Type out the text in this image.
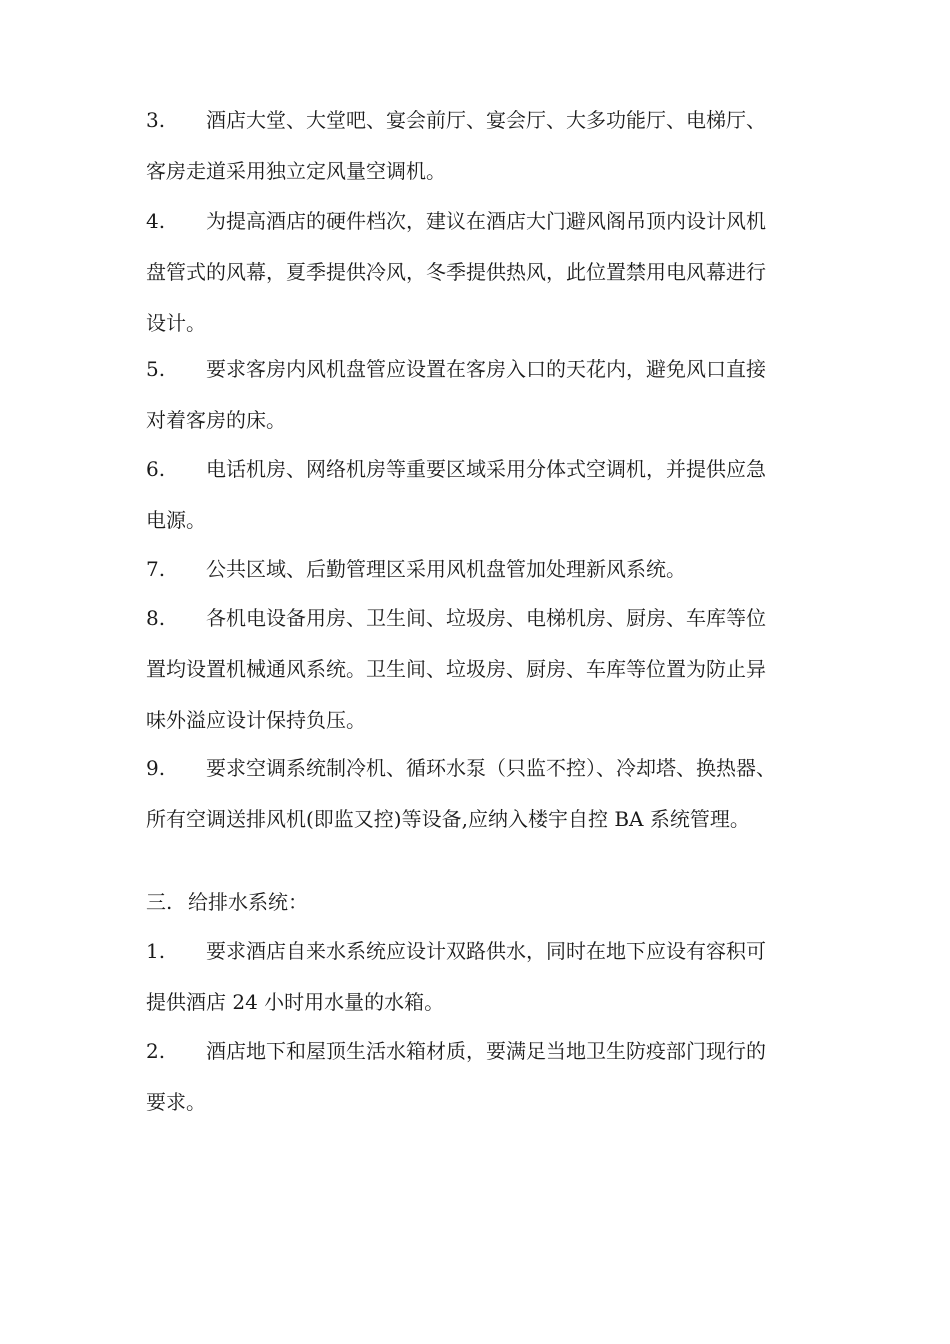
3. 酒店大堂、大堂吧、宴会前厅、宴会厅、大多功能厅、电梯厅、
客房走道采用独立定风量空调机。
4. 为提高酒店的硬件档次，建议在酒店大门避风阁吊顶内设计风机
盘管式的风幕，夏季提供冷风，冬季提供热风，此位置禁用电风幕进行
设计。
5. 要求客房内风机盘管应设置在客房入口的天花内，避免风口直接
对着客房的床。
6. 电话机房、网络机房等重要区域采用分体式空调机，并提供应急
电源。
7. 公共区域、后勤管理区采用风机盘管加处理新风系统。
8. 各机电设备用房、卫生间、垃圾房、电梯机房、厨房、车库等位
置均设置机械通风系统。卫生间、垃圾房、厨房、车库等位置为防止异
味外溢应设计保持负压。
9. 要求空调系统制冷机、循环水泵（只监不控）、冷却塔、换热器、
所有空调送排风机(即监又控)等设备,应纳入楼宇自控 BA 系统管理。
三. 给排水系统：
1. 要求酒店自来水系统应设计双路供水，同时在地下应设有容积可
提供酒店 24 小时用水量的水箱。
2. 酒店地下和屋顶生活水箱材质，要满足当地卫生防疫部门现行的
要求。
